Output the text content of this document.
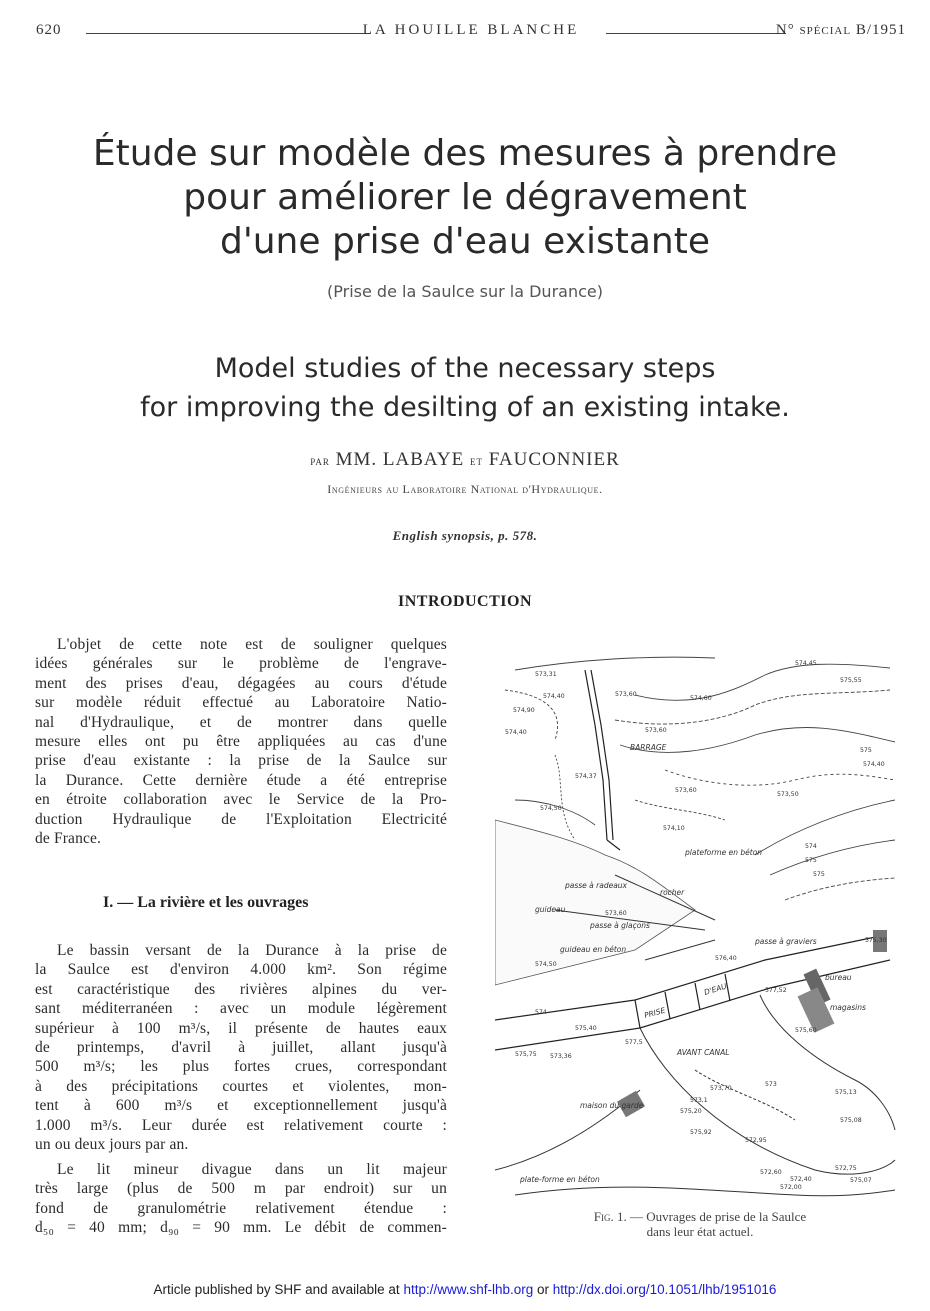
620	LA HOUILLE BLANCHE	N° spécial B/1951
Étude sur modèle des mesures à prendre
pour améliorer le dégravement
d'une prise d'eau existante
(Prise de la Saulce sur la Durance)
Model studies of the necessary steps
for improving the desilting of an existing intake.
par MM. LABAYE et FAUCONNIER
Ingénieurs au Laboratoire National d'Hydraulique.
English synopsis, p. 578.
INTRODUCTION
L'objet de cette note est de souligner quelques
idées générales sur le problème de l'engrave-
ment des prises d'eau, dégagées au cours d'étude
sur modèle réduit effectué au Laboratoire Natio-
nal d'Hydraulique, et de montrer dans quelle
mesure elles ont pu être appliquées au cas d'une
prise d'eau existante : la prise de la Saulce sur
la Durance. Cette dernière étude a été entreprise
en étroite collaboration avec le Service de la Pro-
duction Hydraulique de l'Exploitation Electricité
de France.
I. — La rivière et les ouvrages
Le bassin versant de la Durance à la prise de
la Saulce est d'environ 4.000 km². Son régime
est caractéristique des rivières alpines du ver-
sant méditerranéen : avec un module légèrement
supérieur à 100 m³/s, il présente de hautes eaux
de printemps, d'avril à juillet, allant jusqu'à
500 m³/s; les plus fortes crues, correspondant
à des précipitations courtes et violentes, mon-
tent à 600 m³/s et exceptionnellement jusqu'à
1.000 m³/s. Leur durée est relativement courte :
un ou deux jours par an.
Le lit mineur divague dans un lit majeur
très large (plus de 500 m par endroit) sur un
fond de granulométrie relativement étendue :
d₅₀ = 40 mm; d₉₀ = 90 mm. Le débit de commen-
BARRAGE
plateforme en béton
passe à radeaux
rocher
guideau
passe à glaçons
passe à graviers
guideau en béton
PRISE
D'EAU
bureau
magasins
AVANT CANAL
maison du garde
plate-forme en béton
573,31
574,45
575,55
574,40	573,60
574,60
574,90
574,40	573,60
575
574,40
574,37
573,60
573,50
574,50
574,10
574
575
575
573,60
575,30
574,50
576,40
577,52
574
575,40
577,5
575,75 573,36
575,60
573,70
573
573,1
575,20
575,13
575,92
572,95
575,08
572,75
572,60
572,40
572,00
575,07
Fig. 1. — Ouvrages de prise de la Saulce
dans leur état actuel.
Article published by SHF and available at http://www.shf-lhb.org or http://dx.doi.org/10.1051/lhb/1951016
